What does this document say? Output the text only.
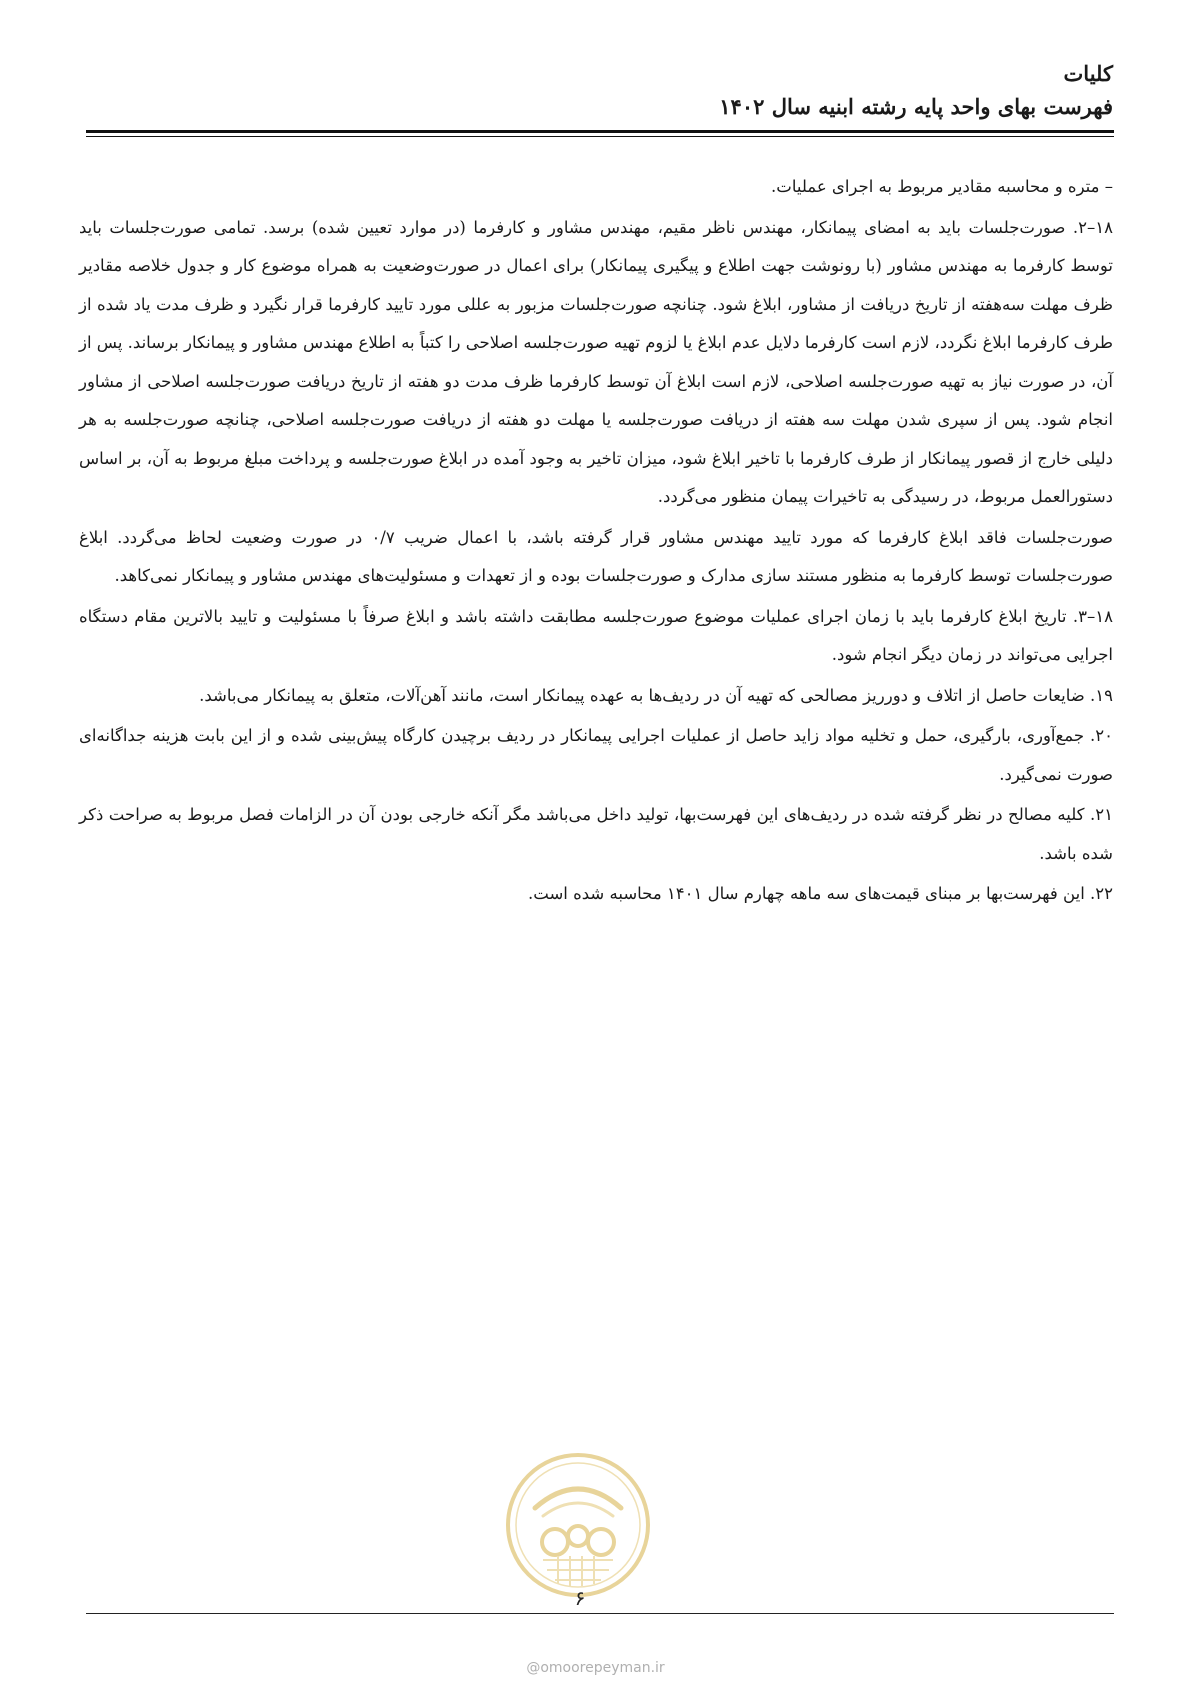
کلیات
فهرست بهای واحد پایه رشته ابنیه سال ۱۴۰۲

– متره و محاسبه مقادیر مربوط به اجرای عملیات.

۱۸–۲. صورت‌جلسات باید به امضای پیمانکار، مهندس ناظر مقیم، مهندس مشاور و کارفرما (در موارد تعیین شده) برسد. تمامی صورت‌جلسات باید توسط کارفرما به مهندس مشاور (با رونوشت جهت اطلاع و پیگیری پیمانکار) برای اعمال در صورت‌وضعیت به همراه موضوع کار و جدول خلاصه مقادیر ظرف مهلت سه‌هفته از تاریخ دریافت از مشاور، ابلاغ شود. چنانچه صورت‌جلسات مزبور به عللی مورد تایید کارفرما قرار نگیرد و ظرف مدت یاد شده از طرف کارفرما ابلاغ نگردد، لازم است کارفرما دلایل عدم ابلاغ یا لزوم تهیه صورت‌جلسه اصلاحی را کتباً به اطلاع مهندس مشاور و پیمانکار برساند. پس از آن، در صورت نیاز به تهیه صورت‌جلسه اصلاحی، لازم است ابلاغ آن توسط کارفرما ظرف مدت دو هفته از تاریخ دریافت صورت‌جلسه اصلاحی از مشاور انجام شود. پس از سپری شدن مهلت سه هفته از دریافت صورت‌جلسه یا مهلت دو هفته از دریافت صورت‌جلسه اصلاحی، چنانچه صورت‌جلسه به هر دلیلی خارج از قصور پیمانکار از طرف کارفرما با تاخیر ابلاغ شود، میزان تاخیر به وجود آمده در ابلاغ صورت‌جلسه و پرداخت مبلغ مربوط به آن، بر اساس دستورالعمل مربوط، در رسیدگی به تاخیرات پیمان منظور می‌گردد.

صورت‌جلسات فاقد ابلاغ کارفرما که مورد تایید مهندس مشاور قرار گرفته باشد، با اعمال ضریب ۰/۷ در صورت وضعیت لحاظ می‌گردد. ابلاغ صورت‌جلسات توسط کارفرما به منظور مستند سازی مدارک و صورت‌جلسات بوده و از تعهدات و مسئولیت‌های مهندس مشاور و پیمانکار نمی‌کاهد.

۱۸–۳. تاریخ ابلاغ کارفرما باید با زمان اجرای عملیات موضوع صورت‌جلسه مطابقت داشته باشد و ابلاغ صرفاً با مسئولیت و تایید بالاترین مقام دستگاه اجرایی می‌تواند در زمان دیگر انجام شود.

۱۹. ضایعات حاصل از اتلاف و دورریز مصالحی که تهیه آن در ردیف‌ها به عهده پیمانکار است، مانند آهن‌آلات، متعلق به پیمانکار می‌باشد.

۲۰. جمع‌آوری، بارگیری، حمل و تخلیه مواد زاید حاصل از عملیات اجرایی پیمانکار در ردیف برچیدن کارگاه پیش‌بینی شده و از این بابت هزینه جداگانه‌ای صورت نمی‌گیرد.

۲۱. کلیه مصالح در نظر گرفته شده در ردیف‌های این فهرست‌بها، تولید داخل می‌باشد مگر آنکه خارجی بودن آن در الزامات فصل مربوط به صراحت ذکر شده باشد.

۲۲. این فهرست‌بها بر مبنای قیمت‌های سه ماهه چهارم سال ۱۴۰۱ محاسبه شده است.

۶
@omoorepeyman.ir
